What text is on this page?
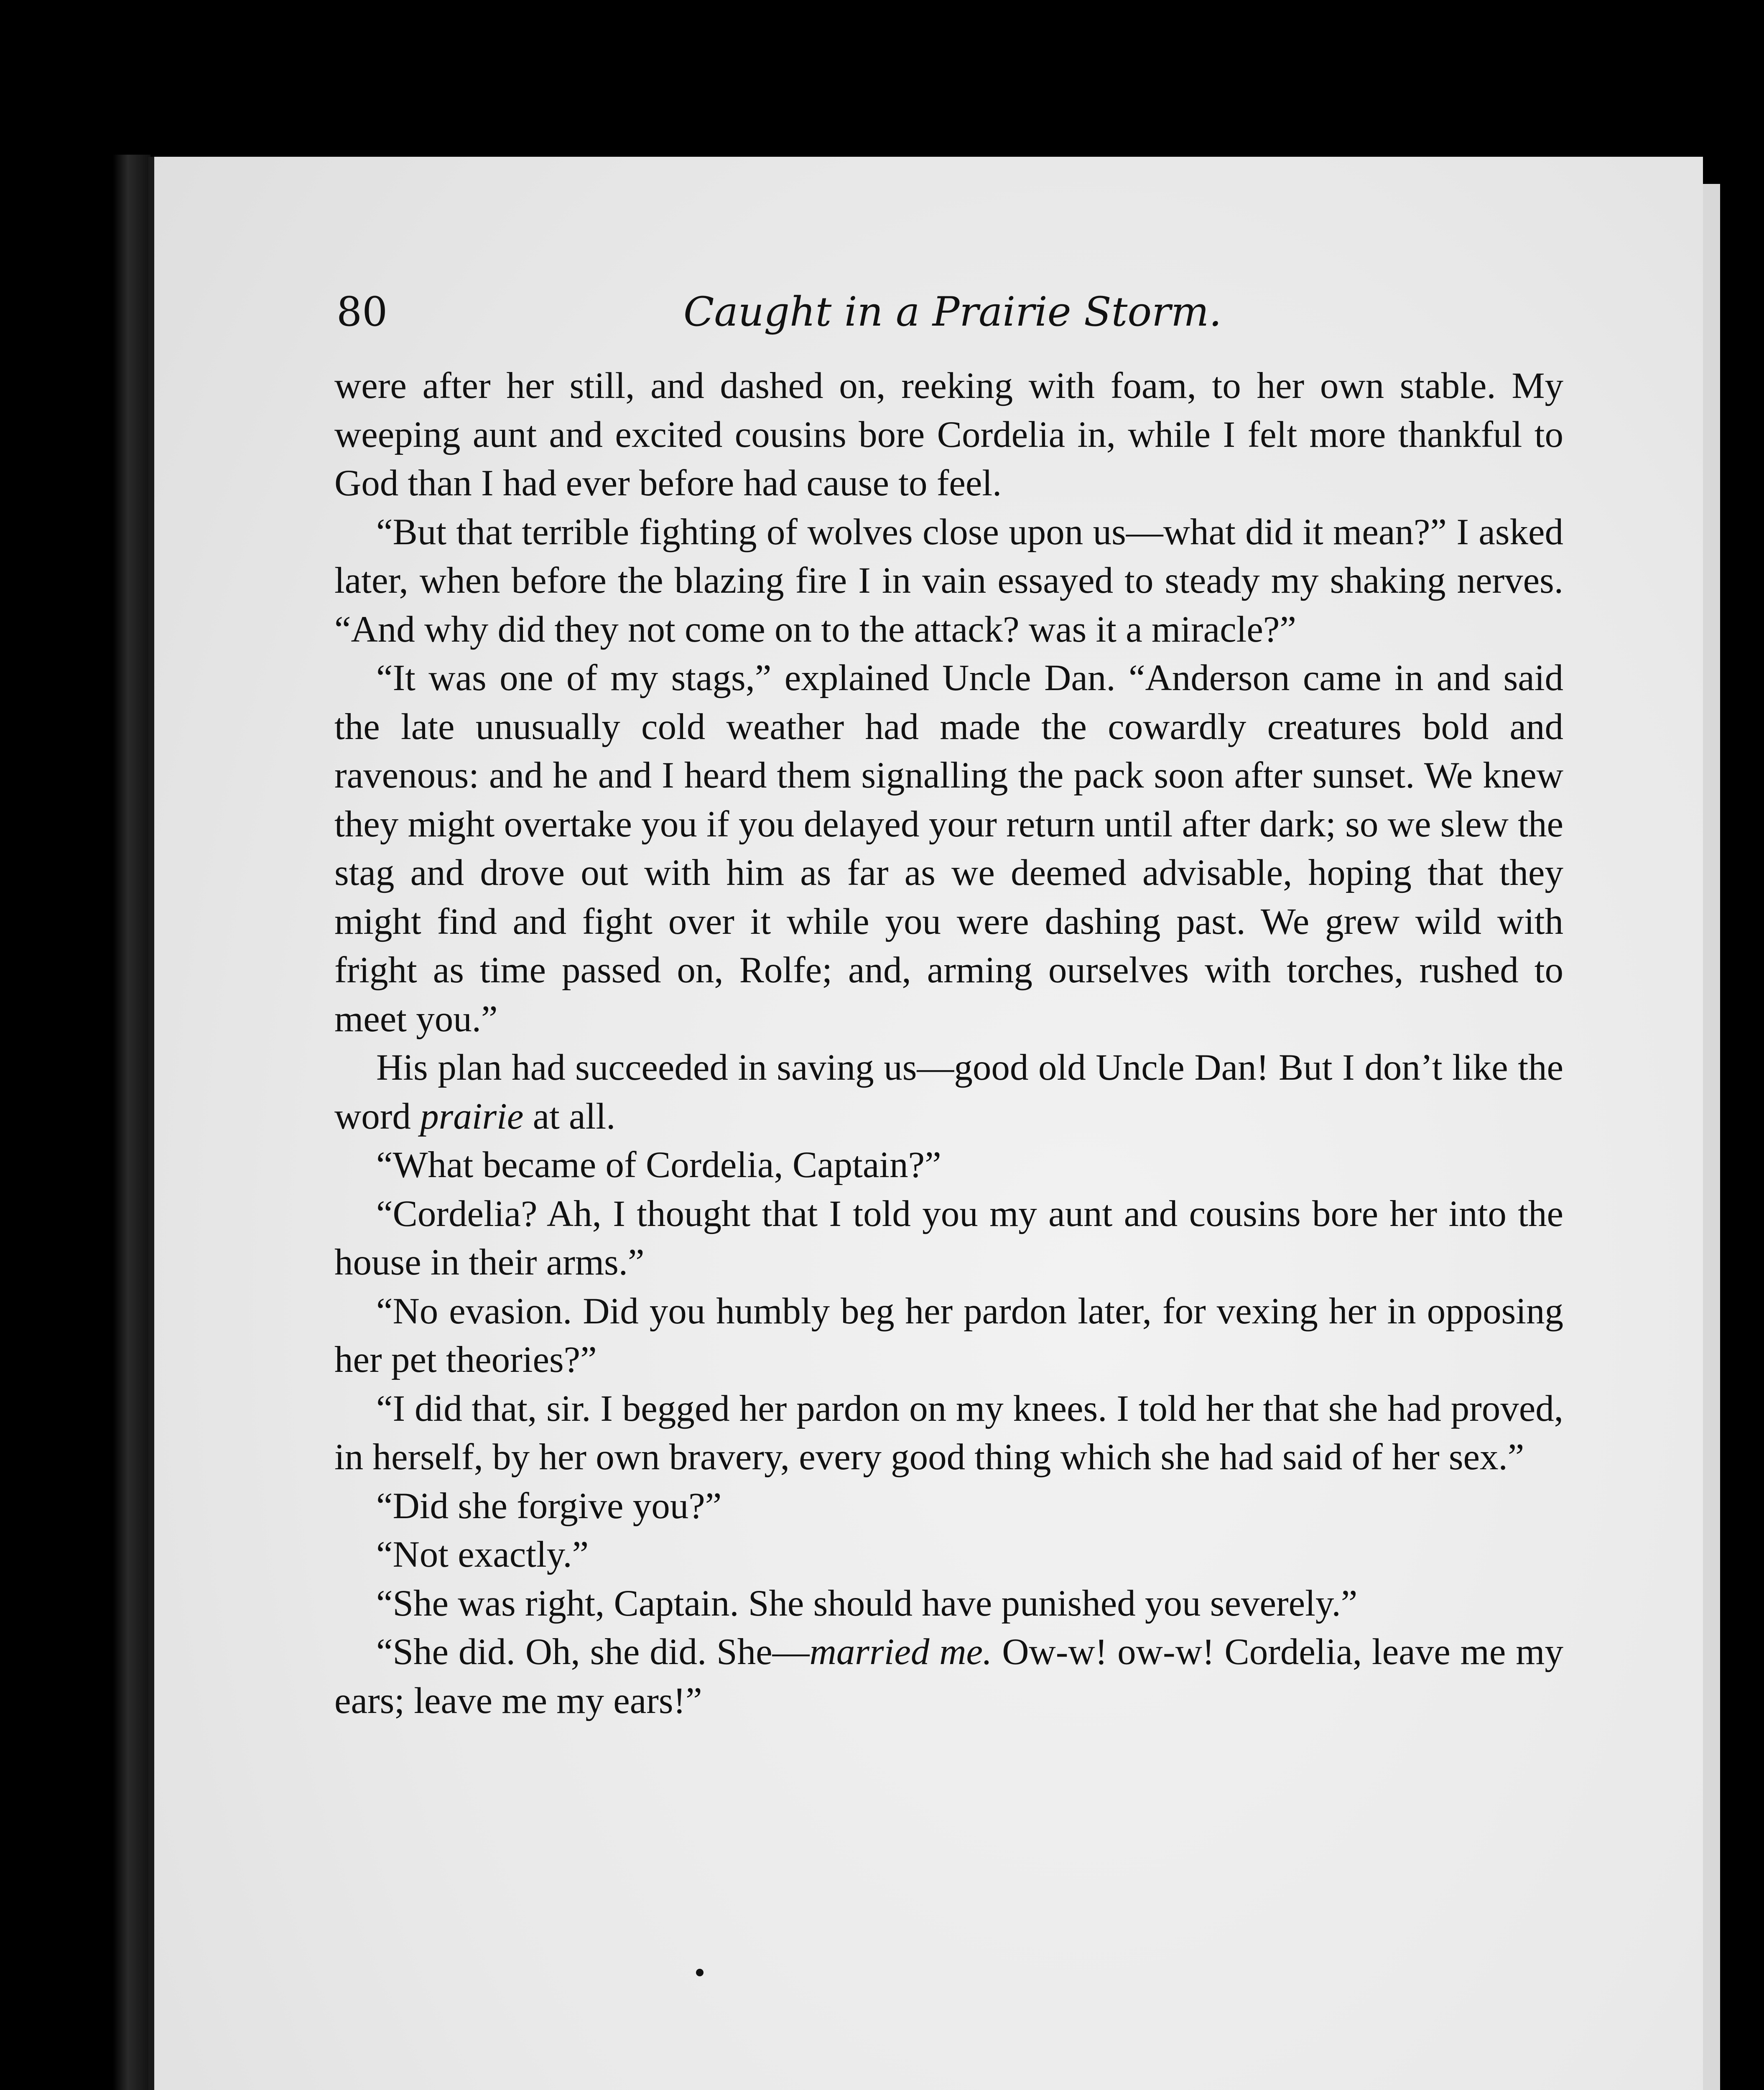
80	Caught in a Prairie Storm.

were after her still, and dashed on, reeking with foam, to her own stable. My weeping aunt and excited cousins bore Cordelia in, while I felt more thankful to God than I had ever before had cause to feel.

“But that terrible fighting of wolves close upon us—what did it mean?” I asked later, when before the blazing fire I in vain essayed to steady my shaking nerves. “And why did they not come on to the attack? was it a miracle?”

“It was one of my stags,” explained Uncle Dan. “Anderson came in and said the late unusually cold weather had made the cowardly creatures bold and ravenous: and he and I heard them signalling the pack soon after sunset. We knew they might overtake you if you delayed your return until after dark; so we slew the stag and drove out with him as far as we deemed advisable, hoping that they might find and fight over it while you were dashing past. We grew wild with fright as time passed on, Rolfe; and, arming ourselves with torches, rushed to meet you.”

His plan had succeeded in saving us—good old Uncle Dan! But I don’t like the word prairie at all.

“What became of Cordelia, Captain?”

“Cordelia? Ah, I thought that I told you my aunt and cousins bore her into the house in their arms.”

“No evasion. Did you humbly beg her pardon later, for vexing her in opposing her pet theories?”

“I did that, sir. I begged her pardon on my knees. I told her that she had proved, in herself, by her own bravery, every good thing which she had said of her sex.”

“Did she forgive you?”

“Not exactly.”

“She was right, Captain. She should have punished you severely.”

“She did. Oh, she did. She—married me. Ow-w! ow-w! Cordelia, leave me my ears; leave me my ears!”
